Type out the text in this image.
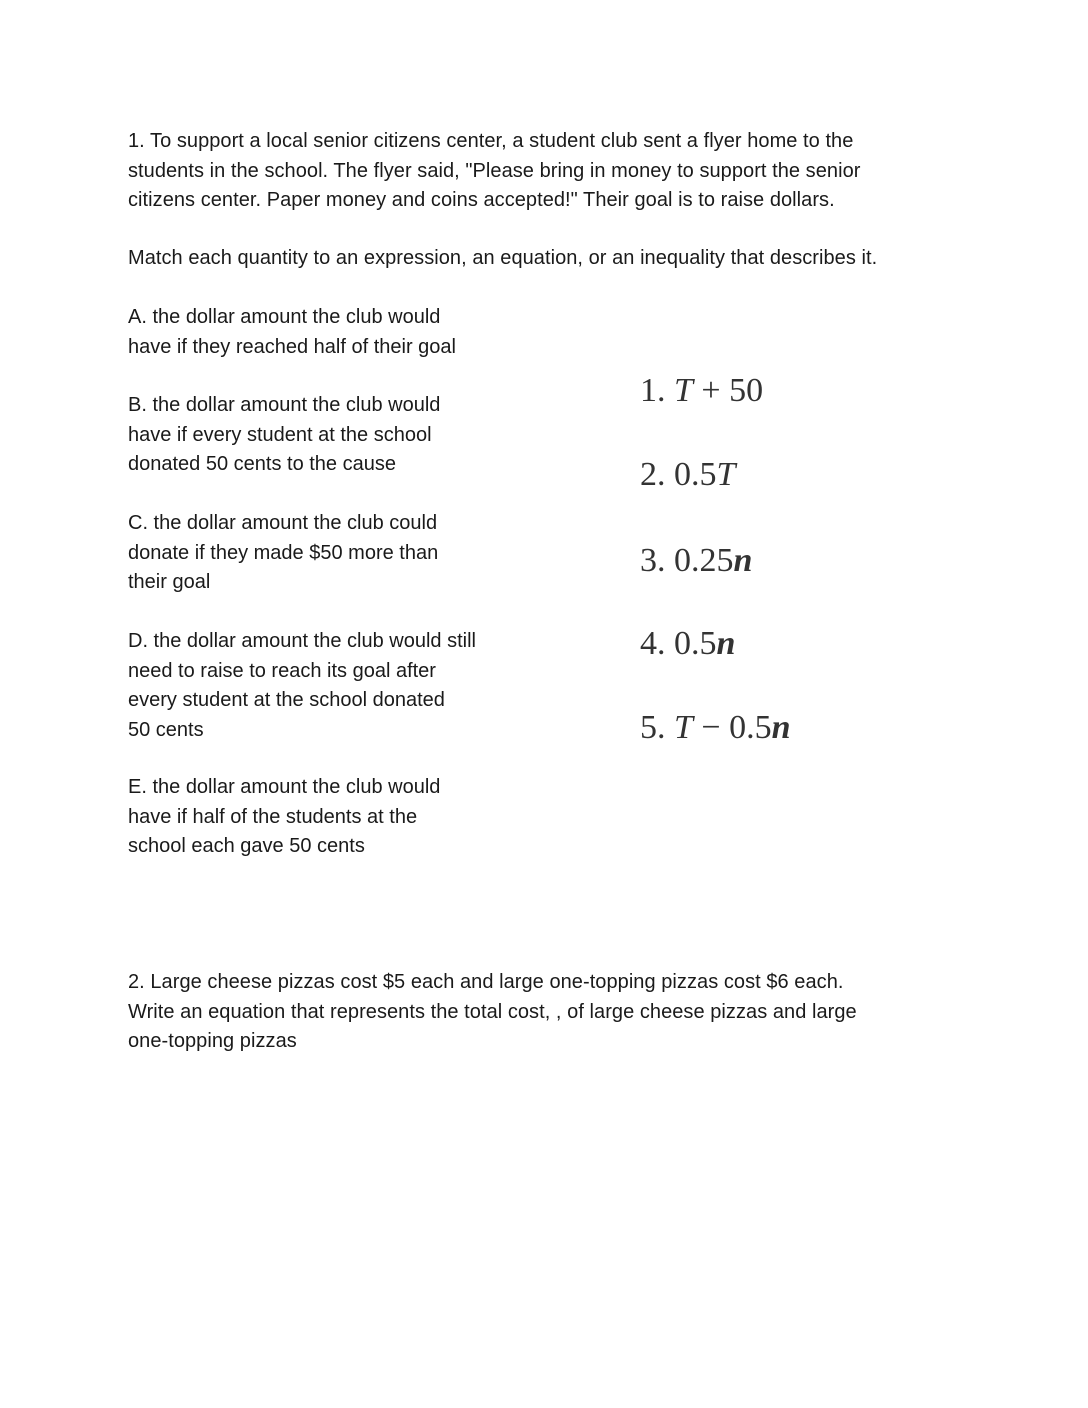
1. To support a local senior citizens center, a student club sent a flyer home to the
students in the school. The flyer said, "Please bring in money to support the senior
citizens center. Paper money and coins accepted!" Their goal is to raise dollars.
Match each quantity to an expression, an equation, or an inequality that describes it.
A. the dollar amount the club would
have if they reached half of their goal
B. the dollar amount the club would
have if every student at the school
donated 50 cents to the cause
C. the dollar amount the club could
donate if they made $50 more than
their goal
D. the dollar amount the club would still
need to raise to reach its goal after
every student at the school donated
50 cents
E. the dollar amount the club would
have if half of the students at the
school each gave 50 cents
1. T + 50
2. 0.5T
3. 0.25n
4. 0.5n
5. T − 0.5n
2. Large cheese pizzas cost $5 each and large one-topping pizzas cost $6 each.
Write an equation that represents the total cost, , of large cheese pizzas and large
one-topping pizzas
